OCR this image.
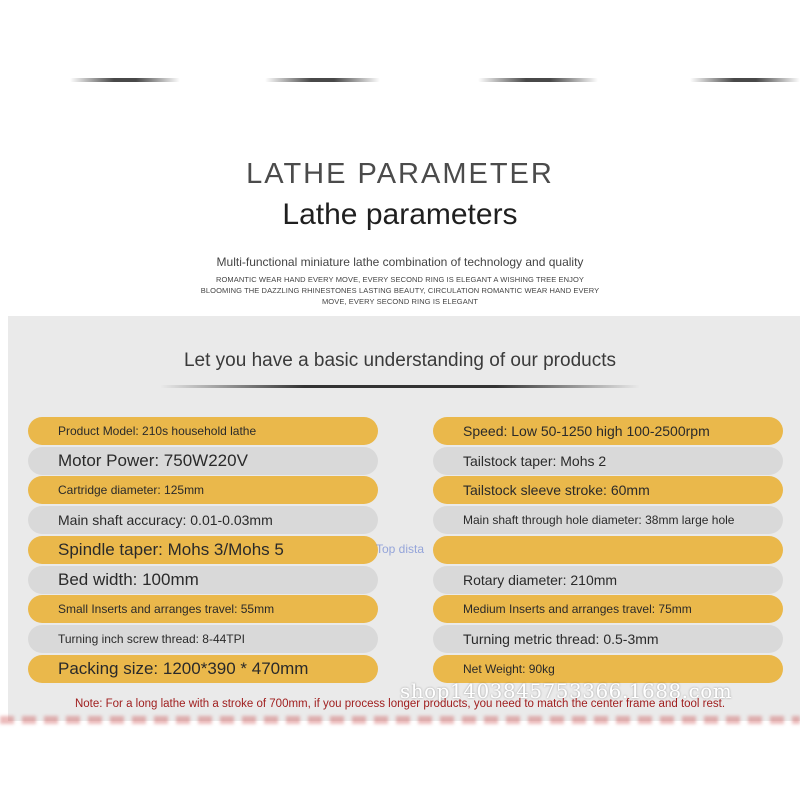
LATHE PARAMETER
Lathe parameters
Multi-functional miniature lathe combination of technology and quality
ROMANTIC WEAR HAND EVERY MOVE, EVERY SECOND RING IS ELEGANT A WISHING TREE ENJOY
BLOOMING THE DAZZLING RHINESTONES LASTING BEAUTY, CIRCULATION ROMANTIC WEAR HAND EVERY
MOVE, EVERY SECOND RING IS ELEGANT
Let you have a basic understanding of our products
Product Model: 210s household lathe
Motor Power: 750W220V
Cartridge diameter: 125mm
Main shaft accuracy: 0.01-0.03mm
Spindle taper: Mohs 3/Mohs 5
Bed width: 100mm
Small Inserts and arranges travel: 55mm
Turning inch screw thread: 8-44TPI
Packing size: 1200*390 * 470mm
Speed: Low 50-1250 high 100-2500rpm
Tailstock taper: Mohs 2
Tailstock sleeve stroke: 60mm
Main shaft through hole diameter: 38mm large hole
Rotary diameter: 210mm
Medium Inserts and arranges travel: 75mm
Turning metric thread: 0.5-3mm
Net Weight: 90kg
Top dista
shop1403845753366.1688.com
Note: For a long lathe with a stroke of 700mm, if you process longer products, you need to match the center frame and tool rest.
